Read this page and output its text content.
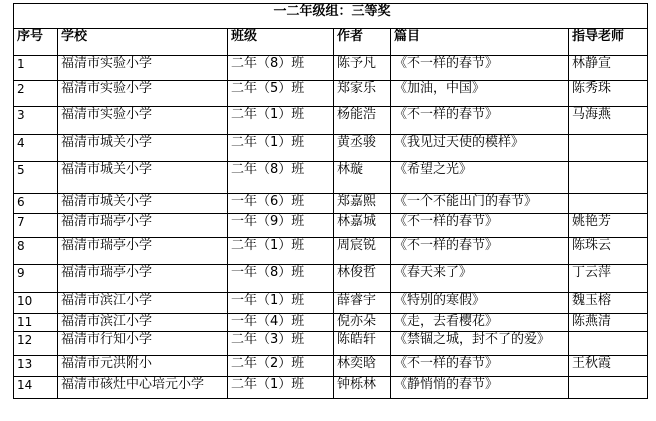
一二年级组：三等奖					
序号	学校	班级	作者	篇目	指导老师
1	福清市实验小学	二年（8）班	陈予凡	《不一样的春节》	林静宣
2	福清市实验小学	二年（5）班	郑家乐	《加油，中国》	陈秀珠
3	福清市实验小学	二年（1）班	杨能浩	《不一样的春节》	马海燕
4	福清市城关小学	二年（1）班	黄丞骏	《我见过天使的模样》	
5	福清市城关小学	二年（8）班	林璇	《希望之光》	
6	福清市城关小学	一年（6）班	郑嘉熙	《一个不能出门的春节》	
7	福清市瑞亭小学	一年（9）班	林嘉城	《不一样的春节》	姚艳芳
8	福清市瑞亭小学	二年（1）班	周宸锐	《不一样的春节》	陈珠云
9	福清市瑞亭小学	一年（8）班	林俊哲	《春天来了》	丁云萍
10	福清市滨江小学	一年（1）班	薛睿宇	《特别的寒假》	魏玉榕
11	福清市滨江小学	一年（4）班	倪亦朵	《走，去看樱花》	陈燕清
12	福清市行知小学	二年（3）班	陈皓轩	《禁锢之城，封不了的爱》	
13	福清市元洪附小	二年（2）班	林奕晗	《不一样的春节》	王秋霞
14	福清市硋灶中心培元小学	二年（1）班	钟栎林	《静悄悄的春节》	
